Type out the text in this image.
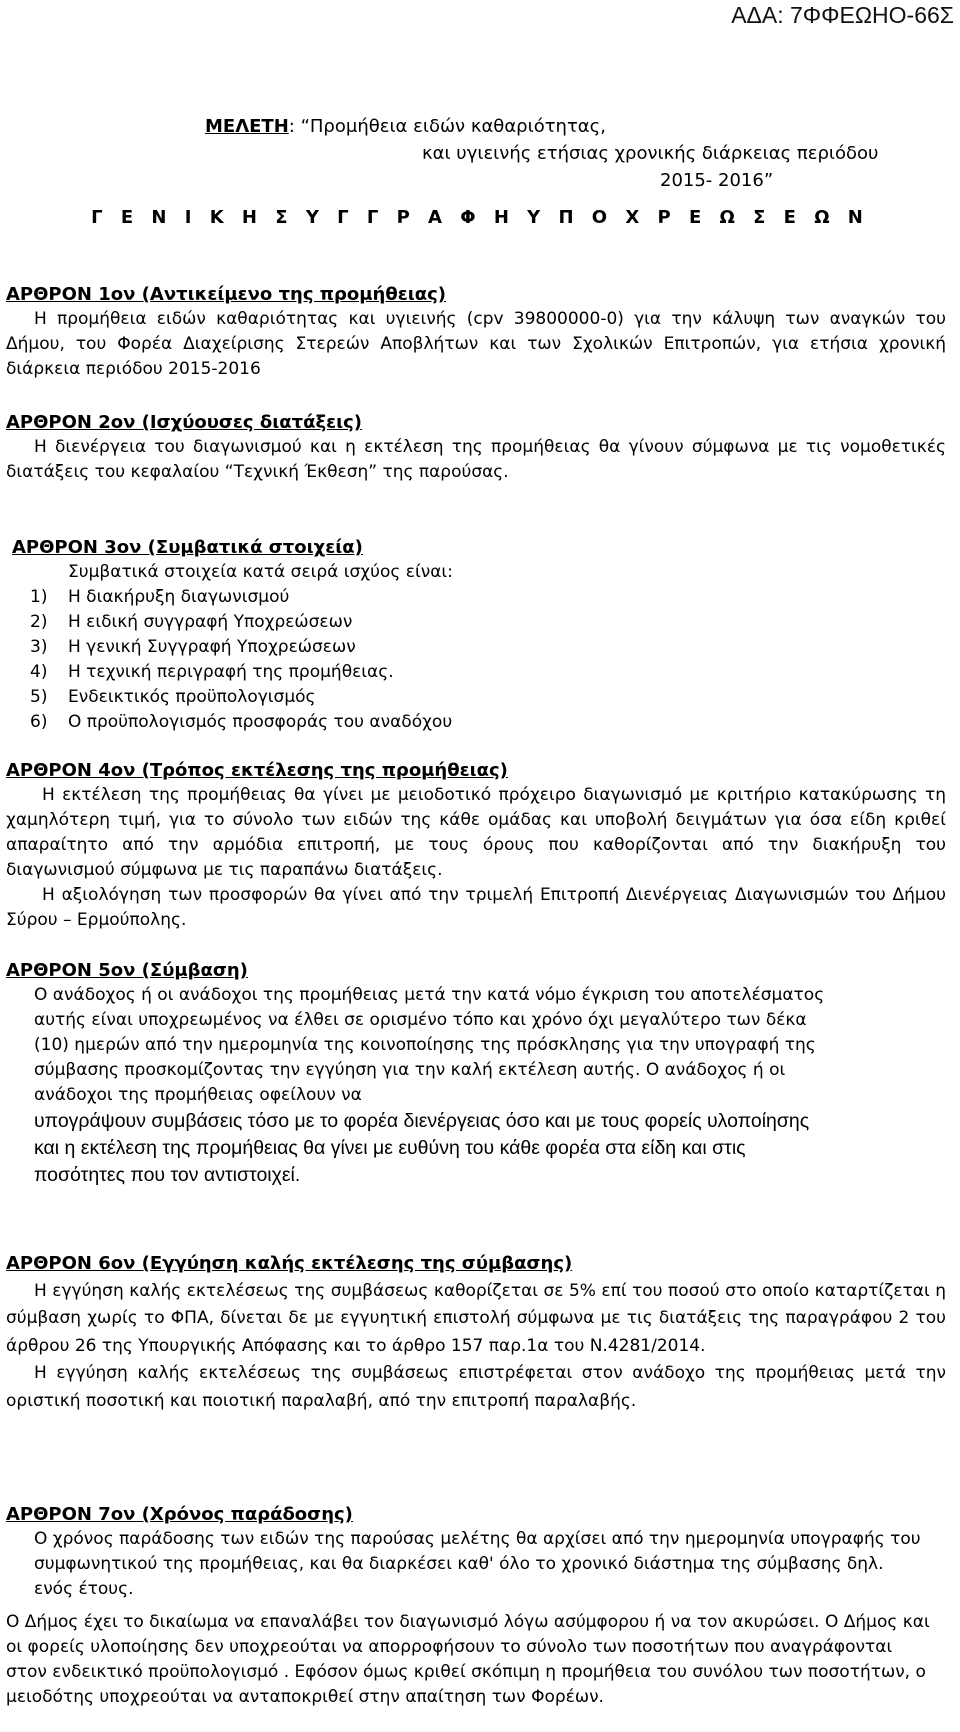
ΑΔΑ: 7ΦΦΕΩΗΟ-66Σ
ΜΕΛΕΤΗ: “Προμήθεια ειδών καθαριότητας,
και υγιεινής ετήσιας χρονικής διάρκειας περιόδου
2015- 2016”
Γ Ε Ν Ι Κ Η Σ Υ Γ Γ Ρ Α Φ Η Υ Π Ο Χ Ρ Ε Ω Σ Ε Ω Ν
ΑΡΘΡΟΝ 1ον (Αντικείμενο της προμήθειας)

Η προμήθεια ειδών καθαριότητας και υγιεινής (cpv 39800000-0) για την κάλυψη των αναγκών του Δήμου, του Φορέα Διαχείρισης Στερεών Αποβλήτων και των Σχολικών Επιτροπών, για ετήσια χρονική διάρκεια περιόδου 2015-2016

ΑΡΘΡΟΝ 2ον (Ισχύουσες διατάξεις)

Η διενέργεια του διαγωνισμού και η εκτέλεση της προμήθειας θα γίνουν σύμφωνα με τις νομοθετικές διατάξεις του κεφαλαίου “Τεχνική Έκθεση” της παρούσας.

ΑΡΘΡΟΝ 3ον (Συμβατικά στοιχεία)
Συμβατικά στοιχεία κατά σειρά ισχύος είναι:
1) Η διακήρυξη διαγωνισμού
2) Η ειδική συγγραφή Υποχρεώσεων
3) Η γενική Συγγραφή Υποχρεώσεων
4) Η τεχνική περιγραφή της προμήθειας.
5) Ενδεικτικός προϋπολογισμός
6) Ο προϋπολογισμός προσφοράς του αναδόχου
ΑΡΘΡΟΝ 4ον (Τρόπος εκτέλεσης της προμήθειας)

Η εκτέλεση της προμήθειας θα γίνει με μειοδοτικό πρόχειρο διαγωνισμό με κριτήριο κατακύρωσης τη χαμηλότερη τιμή, για το σύνολο των ειδών της κάθε ομάδας και υποβολή δειγμάτων για όσα είδη κριθεί απαραίτητο από την αρμόδια επιτροπή, με τους όρους που καθορίζονται από την διακήρυξη του διαγωνισμού σύμφωνα με τις παραπάνω διατάξεις.

Η αξιολόγηση των προσφορών θα γίνει από την τριμελή Επιτροπή Διενέργειας Διαγωνισμών του Δήμου Σύρου – Ερμούπολης.

ΑΡΘΡΟΝ 5ον (Σύμβαση)

Ο ανάδοχος ή οι ανάδοχοι της προμήθειας μετά την κατά νόμο έγκριση του αποτελέσματος αυτής είναι υποχρεωμένος να έλθει σε ορισμένο τόπο και χρόνο όχι μεγαλύτερο των δέκα (10) ημερών από την ημερομηνία της κοινοποίησης της πρόσκλησης για την υπογραφή της σύμβασης προσκομίζοντας την εγγύηση για την καλή εκτέλεση αυτής. Ο ανάδοχος ή οι ανάδοχοι της προμήθειας οφείλουν να

υπογράψουν συμβάσεις τόσο με το φορέα διενέργειας όσο και με τους φορείς υλοποίησης και η εκτέλεση της προμήθειας θα γίνει με ευθύνη του κάθε φορέα στα είδη και στις ποσότητες που τον αντιστοιχεί.

ΑΡΘΡΟΝ 6ον (Εγγύηση καλής εκτέλεσης της σύμβασης)

Η εγγύηση καλής εκτελέσεως της συμβάσεως καθορίζεται σε 5% επί του ποσού στο οποίο καταρτίζεται η σύμβαση χωρίς το ΦΠΑ, δίνεται δε με εγγυητική επιστολή σύμφωνα με τις διατάξεις της παραγράφου 2 του άρθρου 26 της Υπουργικής Απόφασης και το άρθρο 157 παρ.1α του Ν.4281/2014.

Η εγγύηση καλής εκτελέσεως της συμβάσεως επιστρέφεται στον ανάδοχο της προμήθειας μετά την οριστική ποσοτική και ποιοτική παραλαβή, από την επιτροπή παραλαβής.

ΑΡΘΡΟΝ 7ον (Χρόνος παράδοσης)

Ο χρόνος παράδοσης των ειδών της παρούσας μελέτης θα αρχίσει από την ημερομηνία υπογραφής του συμφωνητικού της προμήθειας, και θα διαρκέσει καθ' όλο το χρονικό διάστημα της σύμβασης δηλ. ενός έτους.

Ο Δήμος έχει το δικαίωμα να επαναλάβει τον διαγωνισμό λόγω ασύμφορου ή να τον ακυρώσει. Ο Δήμος και οι φορείς υλοποίησης δεν υποχρεούται να απορροφήσουν το σύνολο των ποσοτήτων που αναγράφονται στον ενδεικτικό προϋπολογισμό . Εφόσον όμως κριθεί σκόπιμη η προμήθεια του συνόλου των ποσοτήτων, ο μειοδότης υποχρεούται να ανταποκριθεί στην απαίτηση των Φορέων.
